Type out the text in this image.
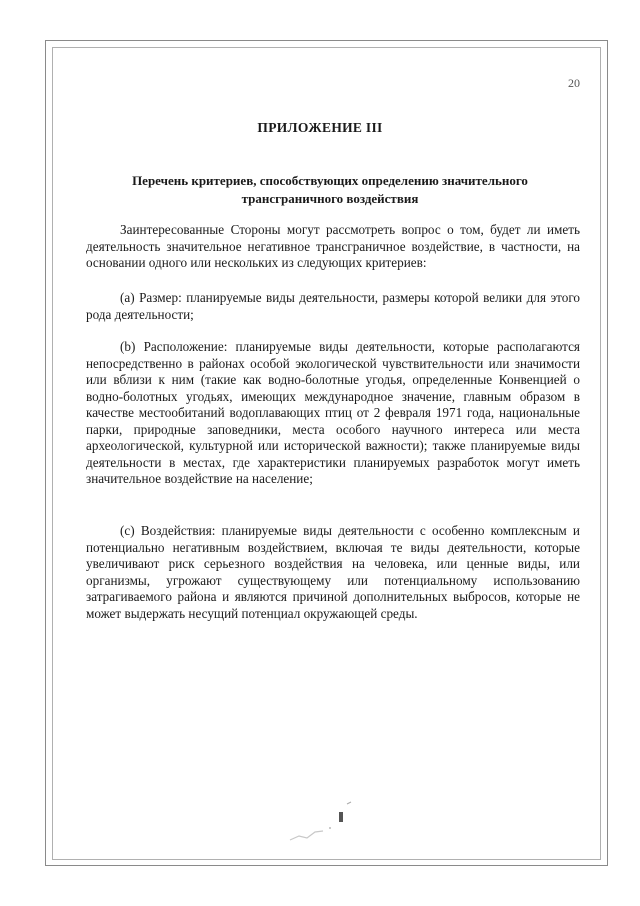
20
ПРИЛОЖЕНИЕ III
Перечень критериев, способствующих определению значительного трансграничного воздействия

Заинтересованные Стороны могут рассмотреть вопрос о том, будет ли иметь деятельность значительное негативное трансграничное воздействие, в частности, на основании одного или нескольких из следующих критериев:

(a) Размер: планируемые виды деятельности, размеры которой велики для этого рода деятельности;

(b) Расположение: планируемые виды деятельности, которые располагаются непосредственно в районах особой экологической чувствительности или значимости или вблизи к ним (такие как водно-болотные угодья, определенные Конвенцией о водно-болотных угодьях, имеющих международное значение, главным образом в качестве местообитаний водоплавающих птиц от 2 февраля 1971 года, национальные парки, природные заповедники, места особого научного интереса или места археологической, культурной или исторической важности); также планируемые виды деятельности в местах, где характеристики планируемых разработок могут иметь значительное воздействие на население;

(c) Воздействия: планируемые виды деятельности с особенно комплексным и потенциально негативным воздействием, включая те виды деятельности, которые увеличивают риск серьезного воздействия на человека, или ценные виды, или организмы, угрожают существующему или потенциальному использованию затрагиваемого района и являются причиной дополнительных выбросов, которые не может выдержать несущий потенциал окружающей среды.
